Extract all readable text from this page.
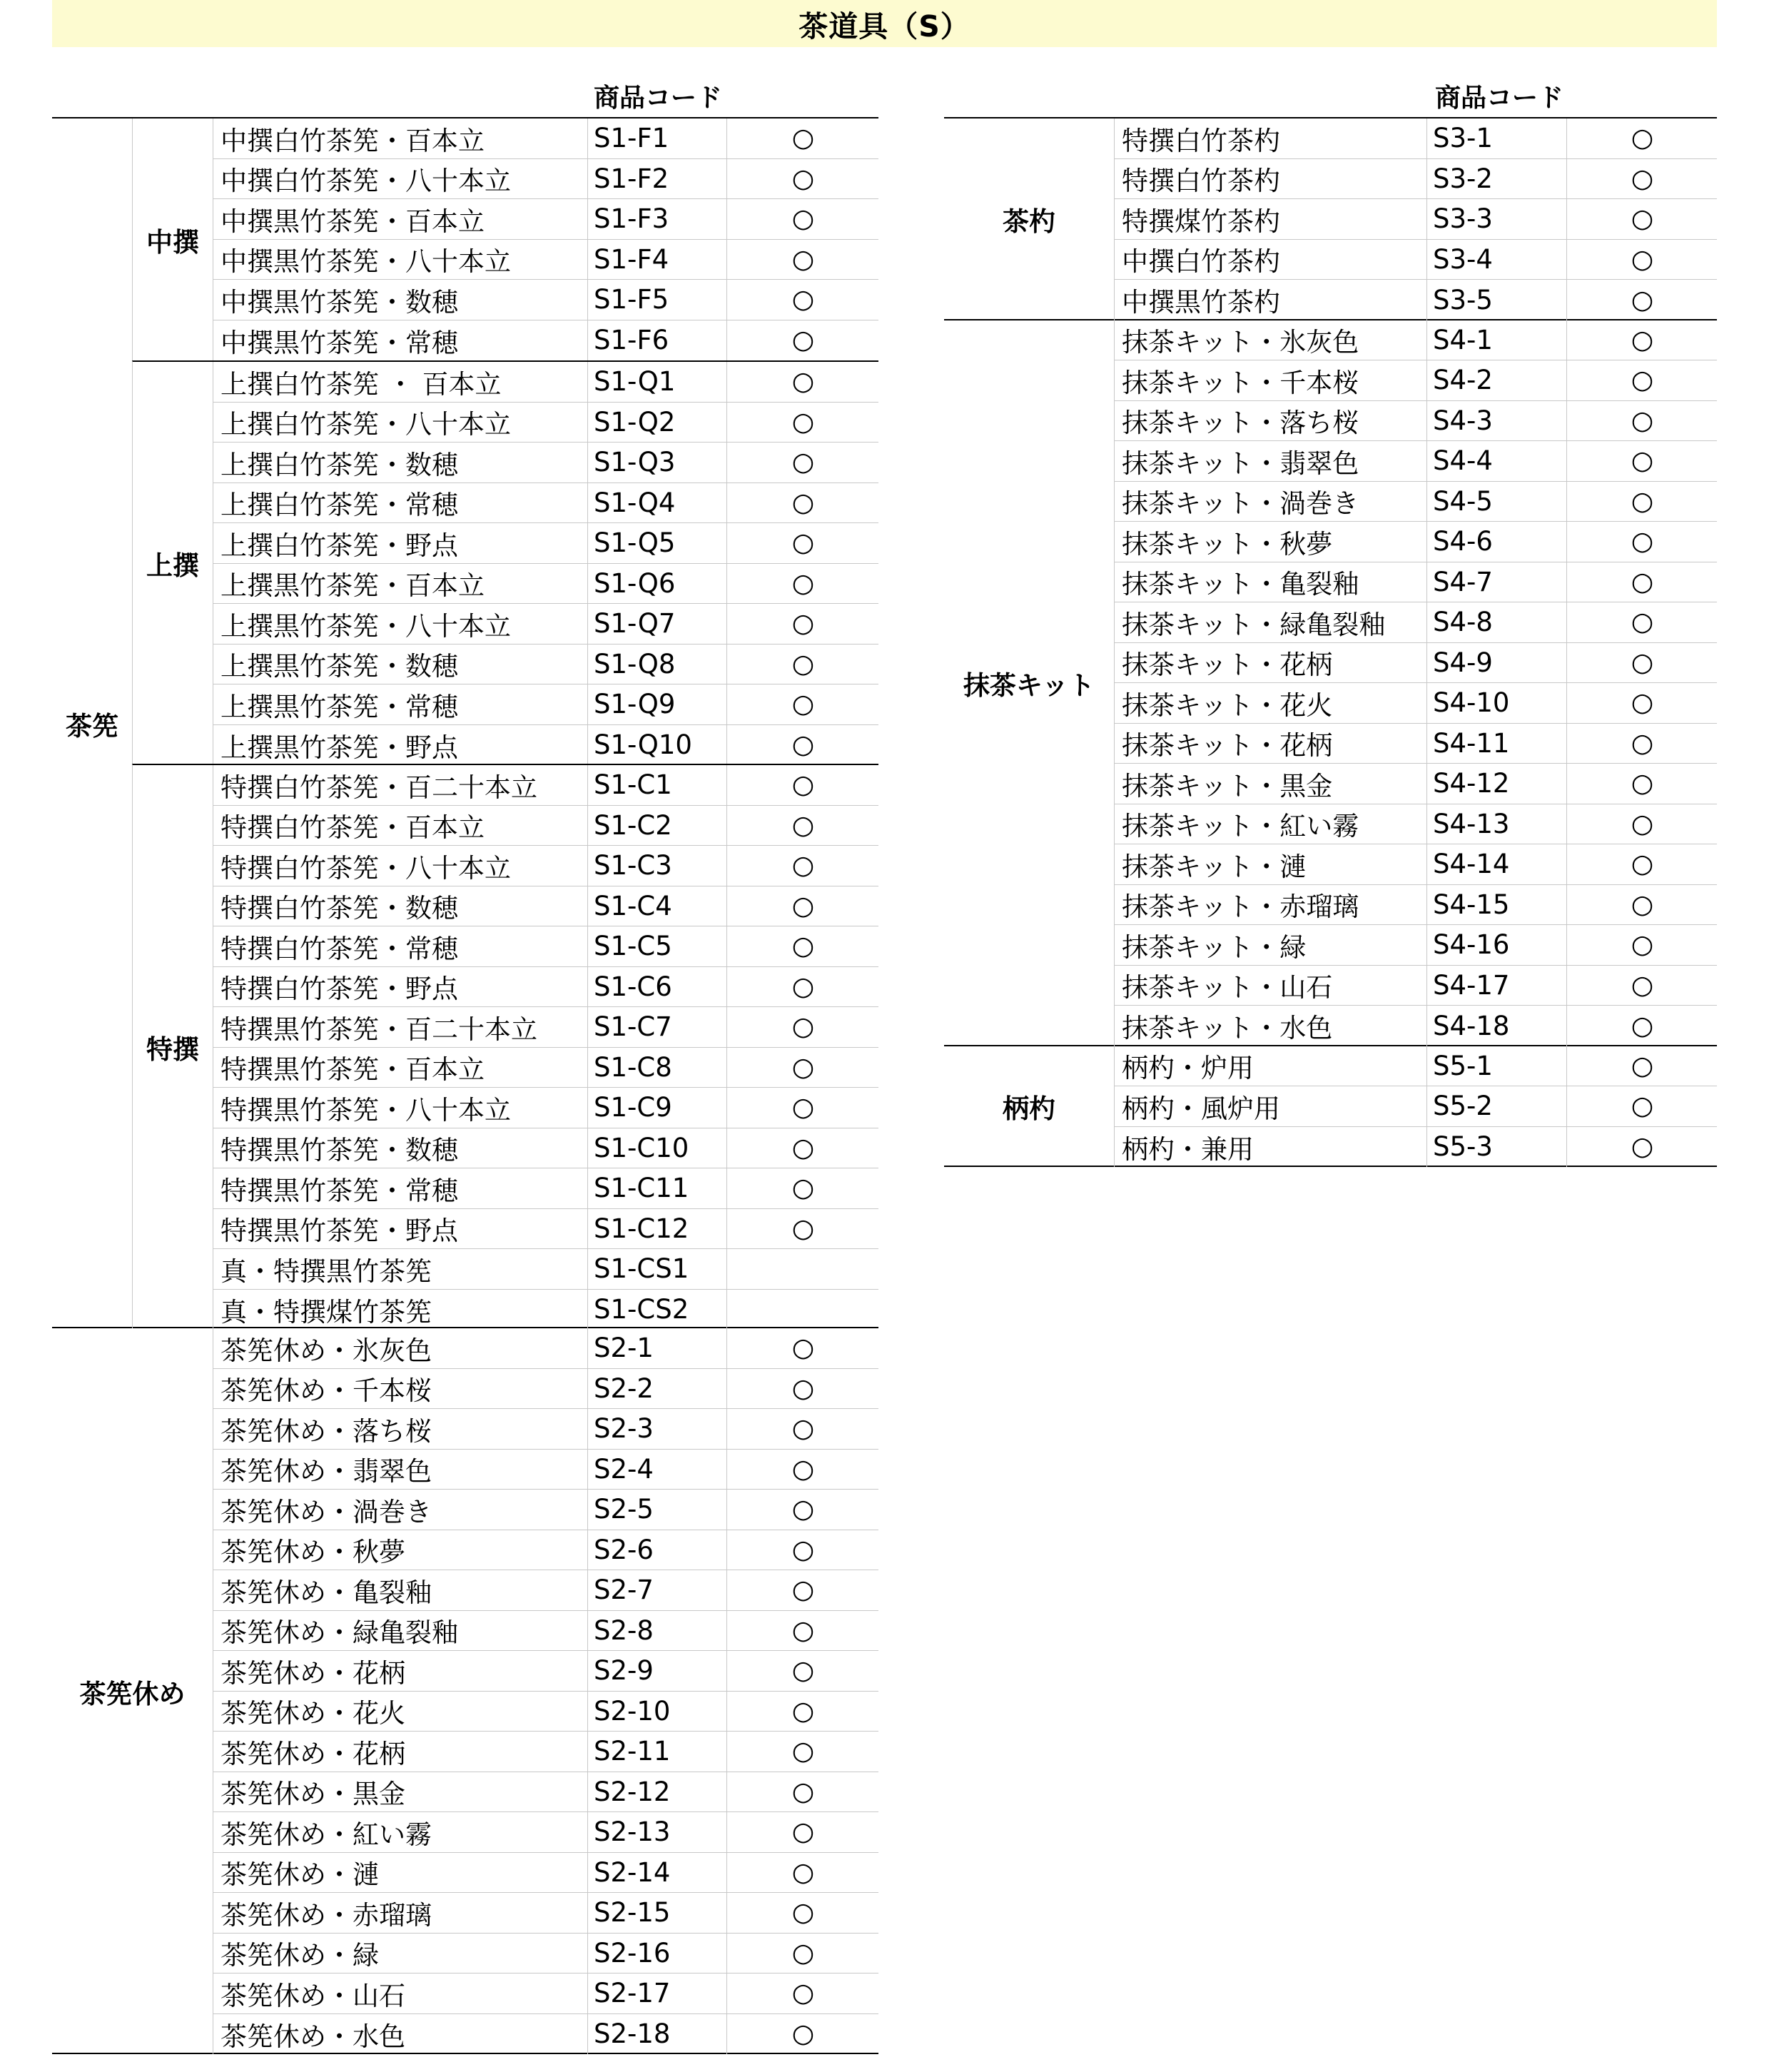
茶道具（S）
商品コード
茶筅
中撰
中撰白竹茶筅・百本立	S1-F1	○
中撰白竹茶筅・八十本立	S1-F2	○
中撰黒竹茶筅・百本立	S1-F3	○
中撰黒竹茶筅・八十本立	S1-F4	○
中撰黒竹茶筅・数穂	S1-F5	○
中撰黒竹茶筅・常穂	S1-F6	○
上撰
上撰白竹茶筅 ・ 百本立	S1-Q1	○
上撰白竹茶筅・八十本立	S1-Q2	○
上撰白竹茶筅・数穂	S1-Q3	○
上撰白竹茶筅・常穂	S1-Q4	○
上撰白竹茶筅・野点	S1-Q5	○
上撰黒竹茶筅・百本立	S1-Q6	○
上撰黒竹茶筅・八十本立	S1-Q7	○
上撰黒竹茶筅・数穂	S1-Q8	○
上撰黒竹茶筅・常穂	S1-Q9	○
上撰黒竹茶筅・野点	S1-Q10	○
特撰
特撰白竹茶筅・百二十本立 S1-C1	○
特撰白竹茶筅・百本立	S1-C2	○
特撰白竹茶筅・八十本立	S1-C3	○
特撰白竹茶筅・数穂	S1-C4	○
特撰白竹茶筅・常穂	S1-C5	○
特撰白竹茶筅・野点	S1-C6	○
特撰黒竹茶筅・百二十本立 S1-C7	○
特撰黒竹茶筅・百本立	S1-C8	○
特撰黒竹茶筅・八十本立	S1-C9	○
特撰黒竹茶筅・数穂	S1-C10	○
特撰黒竹茶筅・常穂	S1-C11	○
特撰黒竹茶筅・野点	S1-C12	○
真・特撰黒竹茶筅	S1-CS1
真・特撰煤竹茶筅	S1-CS2
茶筅休め
茶筅休め・氷灰色	S2-1	○
茶筅休め・千本桜	S2-2	○
茶筅休め・落ち桜	S2-3	○
茶筅休め・翡翠色	S2-4	○
茶筅休め・渦巻き	S2-5	○
茶筅休め・秋夢	S2-6	○
茶筅休め・亀裂釉	S2-7	○
茶筅休め・緑亀裂釉	S2-8	○
茶筅休め・花柄	S2-9	○
茶筅休め・花火	S2-10	○
茶筅休め・花柄	S2-11	○
茶筅休め・黒金	S2-12	○
茶筅休め・紅い霧	S2-13	○
茶筅休め・漣	S2-14	○
茶筅休め・赤瑠璃	S2-15	○
茶筅休め・緑	S2-16	○
茶筅休め・山石	S2-17	○
茶筅休め・水色	S2-18	○
商品コード
茶杓
特撰白竹茶杓	S3-1	○
特撰白竹茶杓	S3-2	○
特撰煤竹茶杓	S3-3	○
中撰白竹茶杓	S3-4	○
中撰黒竹茶杓	S3-5	○
抹茶キット
抹茶キット・氷灰色	S4-1	○
抹茶キット・千本桜	S4-2	○
抹茶キット・落ち桜	S4-3	○
抹茶キット・翡翠色	S4-4	○
抹茶キット・渦巻き	S4-5	○
抹茶キット・秋夢	S4-6	○
抹茶キット・亀裂釉	S4-7	○
抹茶キット・緑亀裂釉 S4-8	○
抹茶キット・花柄	S4-9	○
抹茶キット・花火	S4-10	○
抹茶キット・花柄	S4-11	○
抹茶キット・黒金	S4-12	○
抹茶キット・紅い霧	S4-13	○
抹茶キット・漣	S4-14	○
抹茶キット・赤瑠璃	S4-15	○
抹茶キット・緑	S4-16	○
抹茶キット・山石	S4-17	○
抹茶キット・水色	S4-18	○
柄杓
柄杓・炉用	S5-1	○
柄杓・風炉用	S5-2	○
柄杓・兼用	S5-3	○
